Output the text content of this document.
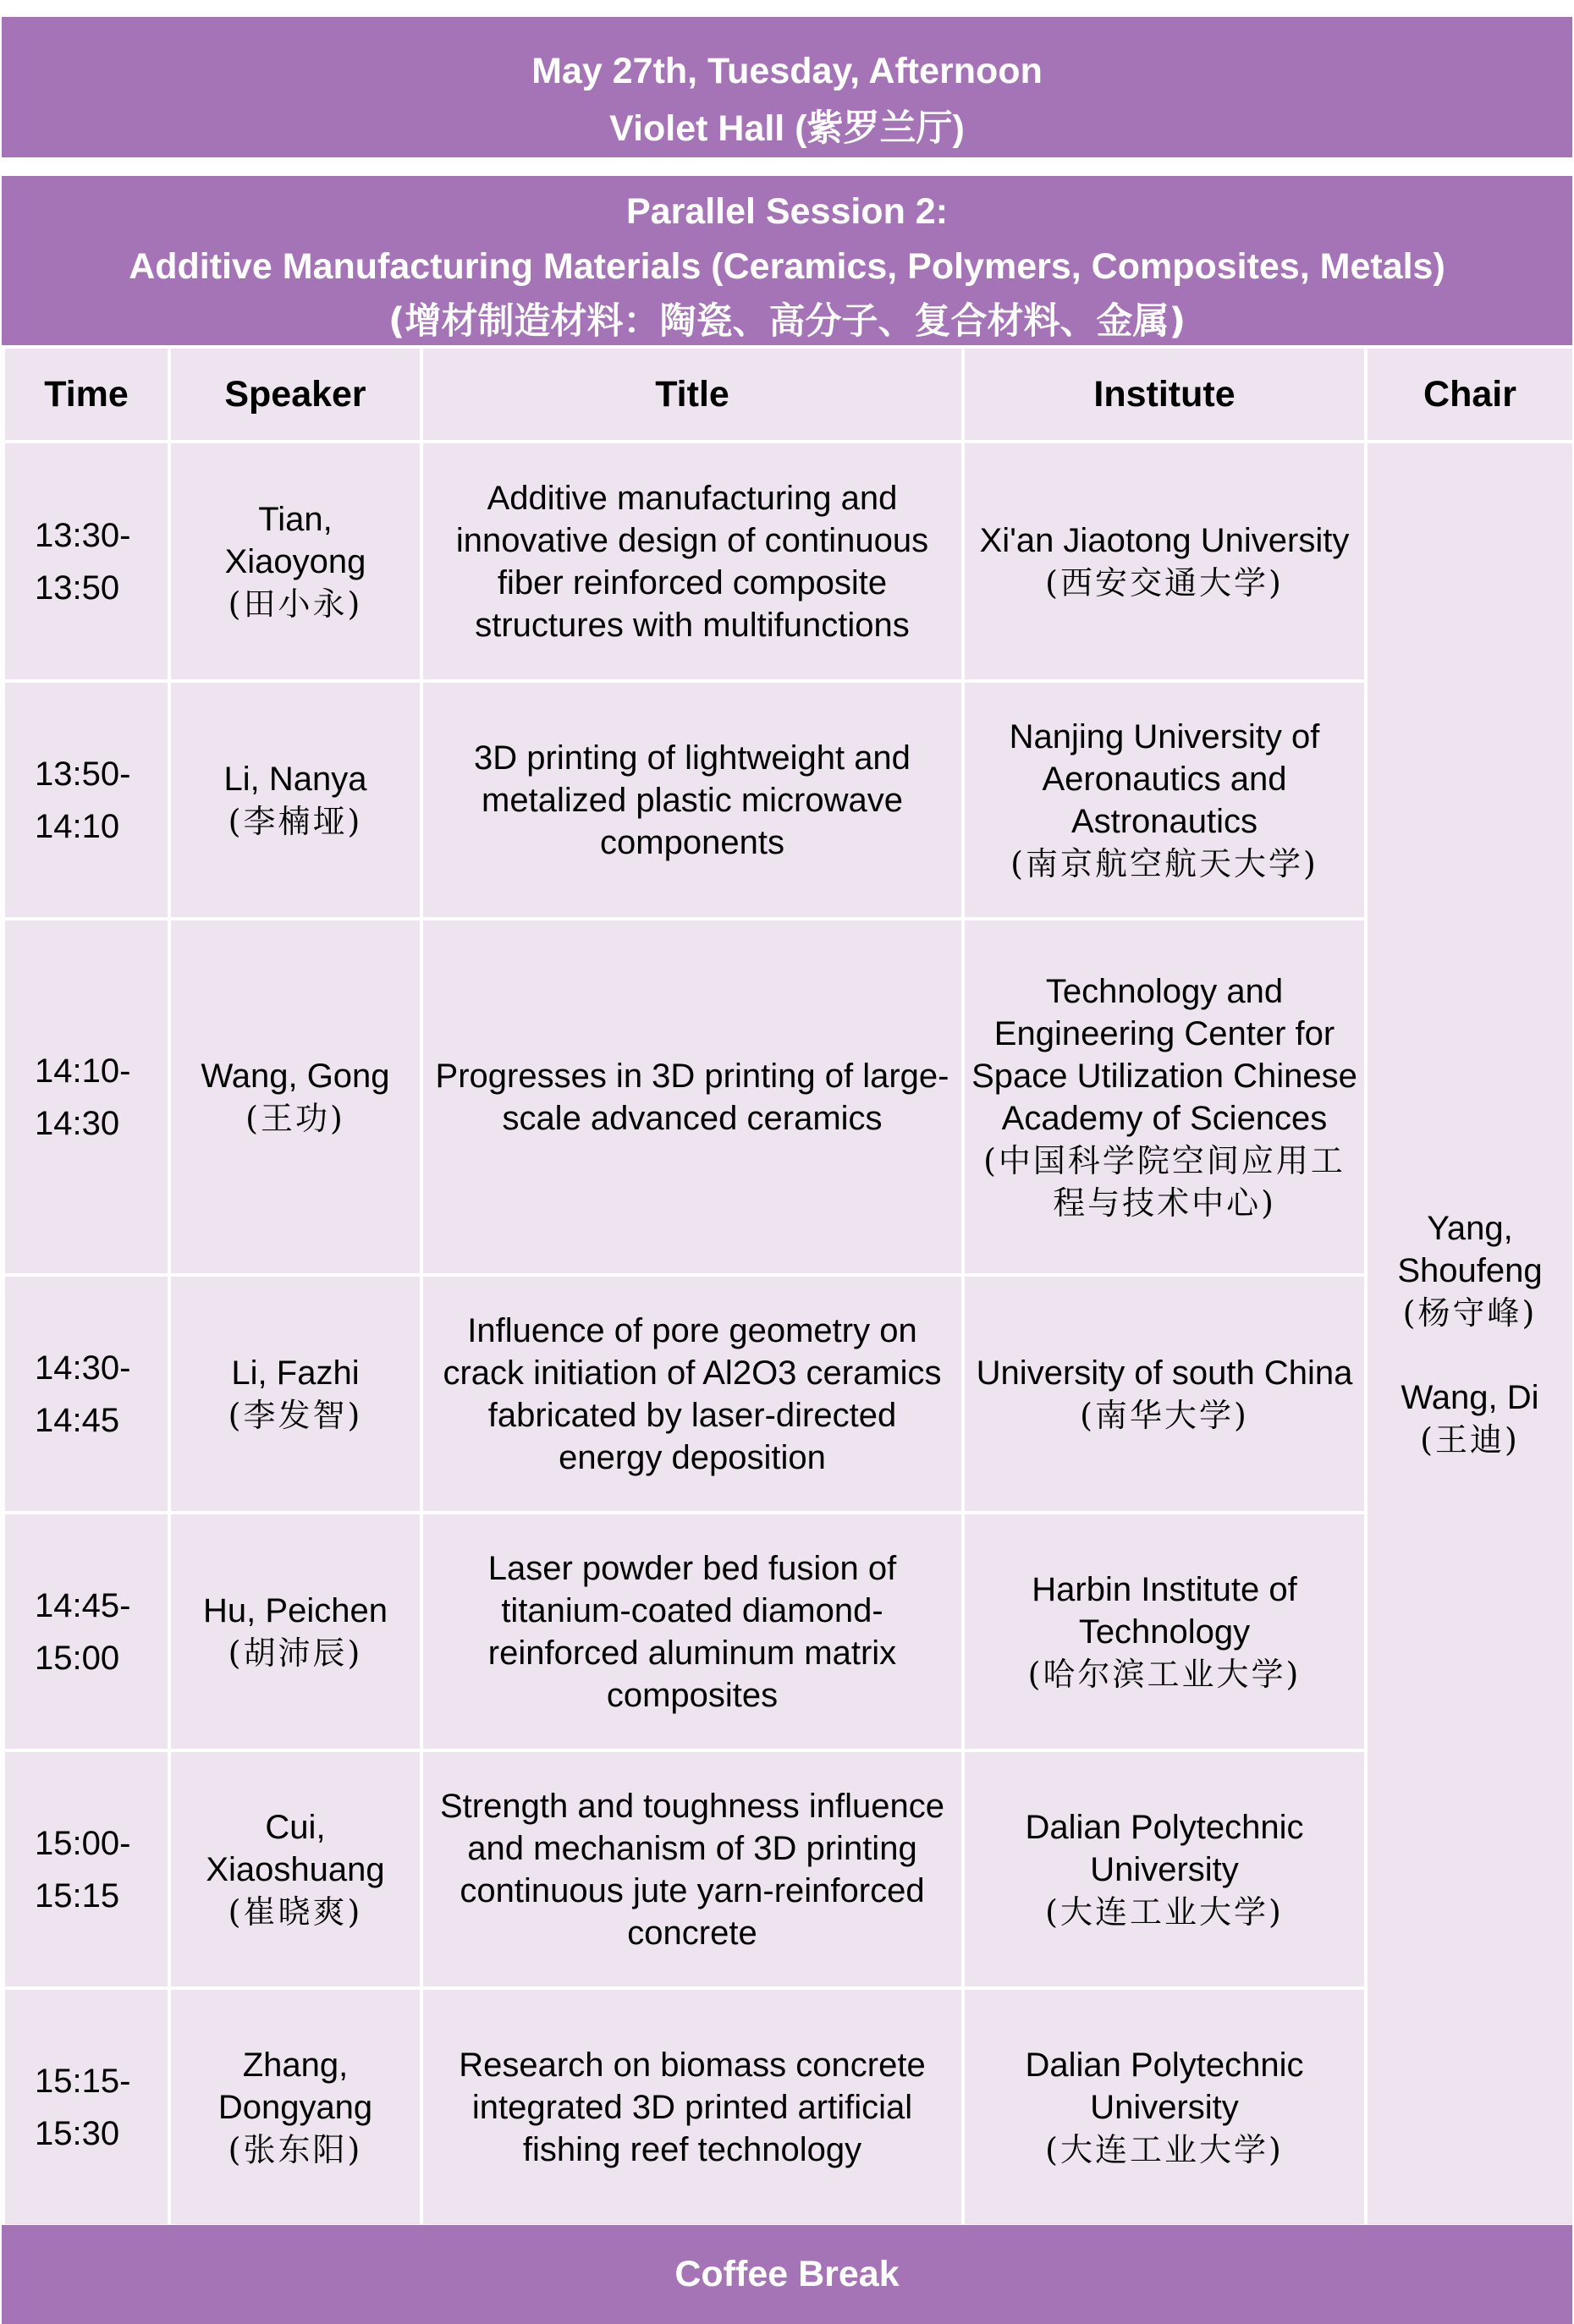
May 27th, Tuesday, Afternoon
Violet Hall (紫罗兰厅)
Parallel Session 2:
Additive Manufacturing Materials (Ceramics, Polymers, Composites, Metals)
(增材制造材料：陶瓷、高分子、复合材料、金属)
Time	Speaker	Title	Institute	Chair

13:30-
13:50	Tian,
Xiaoyong
(田小永)	Additive manufacturing and innovative design of continuous fiber reinforced composite structures with multifunctions	Xi'an Jiaotong University
(西安交通大学)	Yang,
Shoufeng
(杨守峰)
Wang, Di
(王迪)

13:50-
14:10	Li, Nanya
(李楠垭)	3D printing of lightweight and metalized plastic microwave components	Nanjing University of Aeronautics and Astronautics
(南京航空航天大学)	

14:10-
14:30	Wang, Gong
(王功)	Progresses in 3D printing of large-scale advanced ceramics	Technology and Engineering Center for Space Utilization Chinese Academy of Sciences
(中国科学院空间应用工程与技术中心)	

14:30-
14:45	Li, Fazhi
(李发智)	Influence of pore geometry on crack initiation of Al2O3 ceramics fabricated by laser-directed energy deposition	University of south China
(南华大学)	

14:45-
15:00	Hu, Peichen
(胡沛辰)	Laser powder bed fusion of titanium-coated diamond-reinforced aluminum matrix composites	Harbin Institute of Technology
(哈尔滨工业大学)	

15:00-
15:15	Cui,
Xiaoshuang
(崔晓爽)	Strength and toughness influence and mechanism of 3D printing continuous jute yarn-reinforced concrete	Dalian Polytechnic University
(大连工业大学)	

15:15-
15:30	Zhang,
Dongyang
(张东阳)	Research on biomass concrete integrated 3D printed artificial fishing reef technology	Dalian Polytechnic University
(大连工业大学)	
Coffee Break
